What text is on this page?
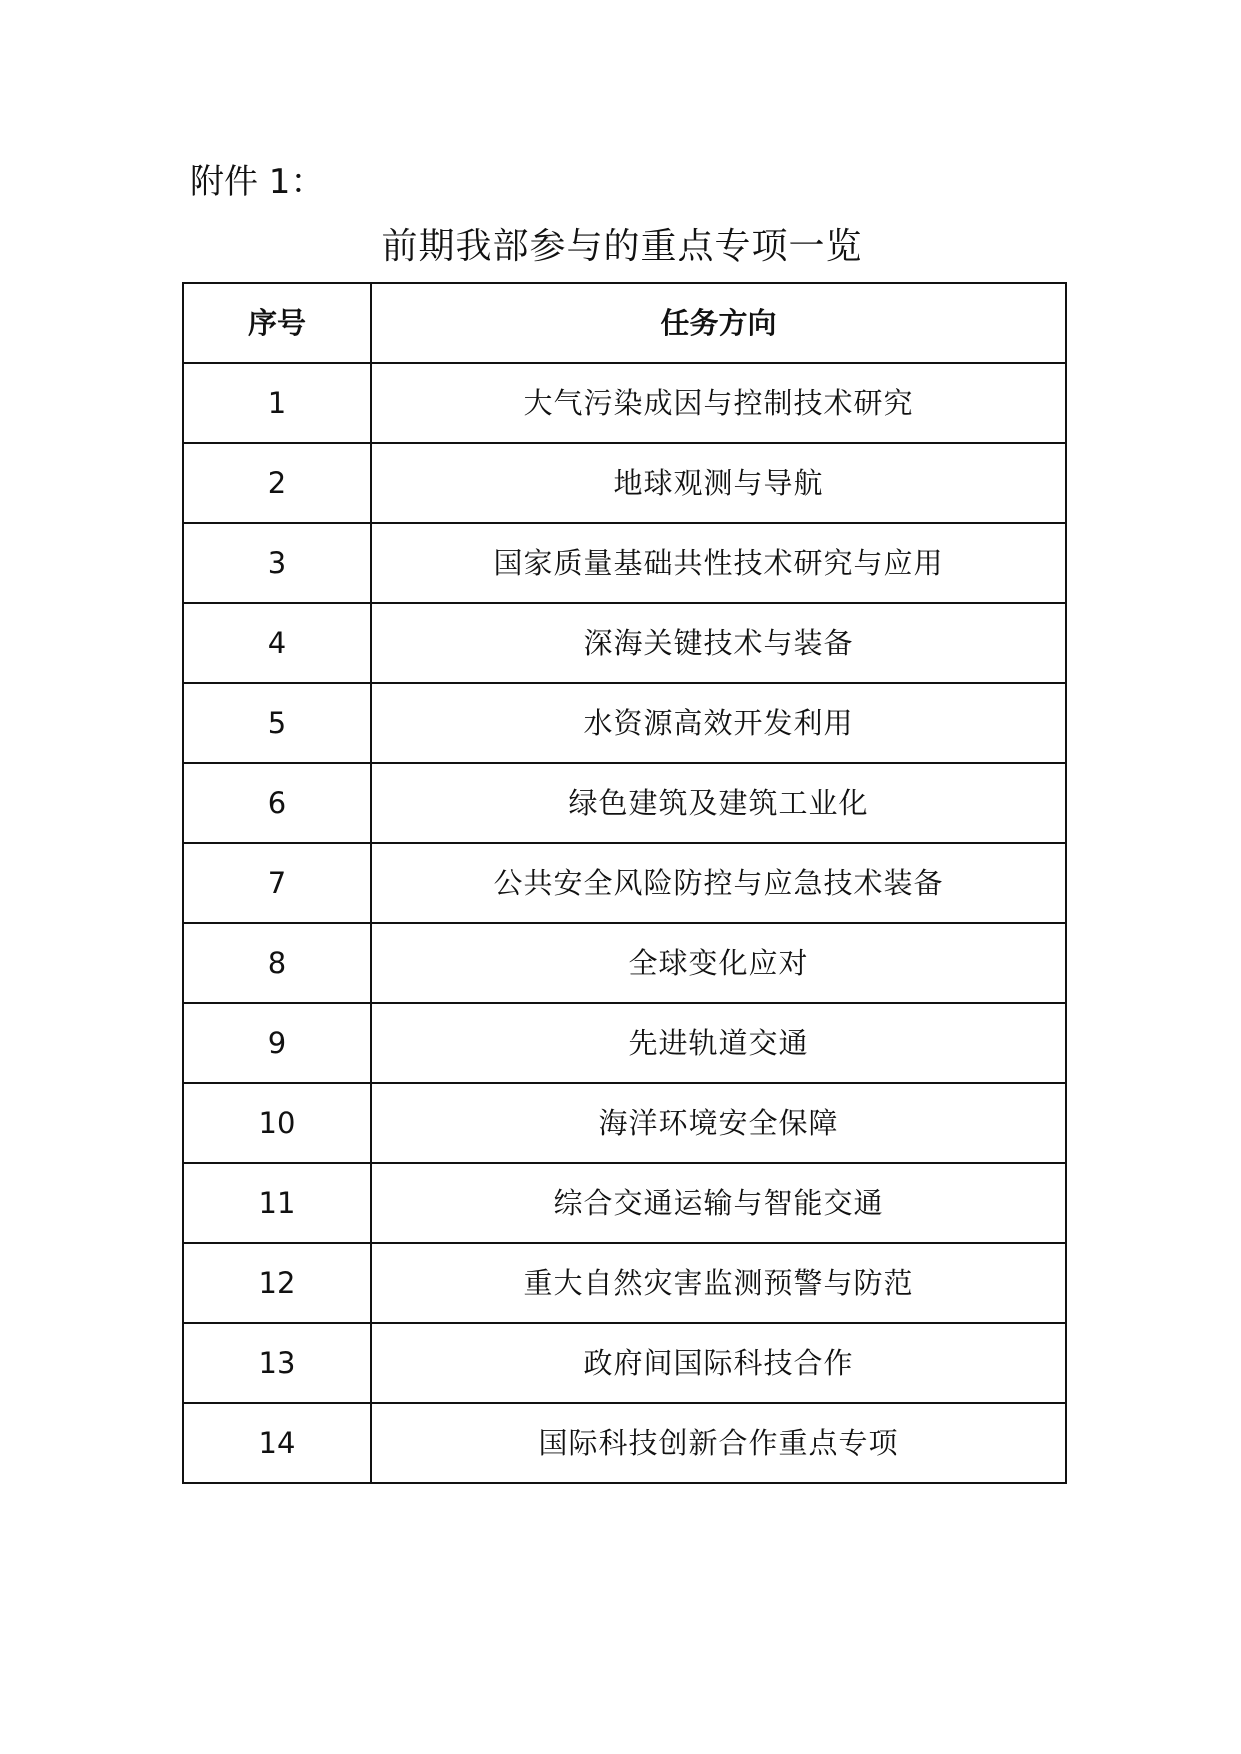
附件 1：

前期我部参与的重点专项一览
序号	任务方向
1	大气污染成因与控制技术研究
2	地球观测与导航
3	国家质量基础共性技术研究与应用
4	深海关键技术与装备
5	水资源高效开发利用
6	绿色建筑及建筑工业化
7	公共安全风险防控与应急技术装备
8	全球变化应对
9	先进轨道交通
10	海洋环境安全保障
11	综合交通运输与智能交通
12	重大自然灾害监测预警与防范
13	政府间国际科技合作
14	国际科技创新合作重点专项
